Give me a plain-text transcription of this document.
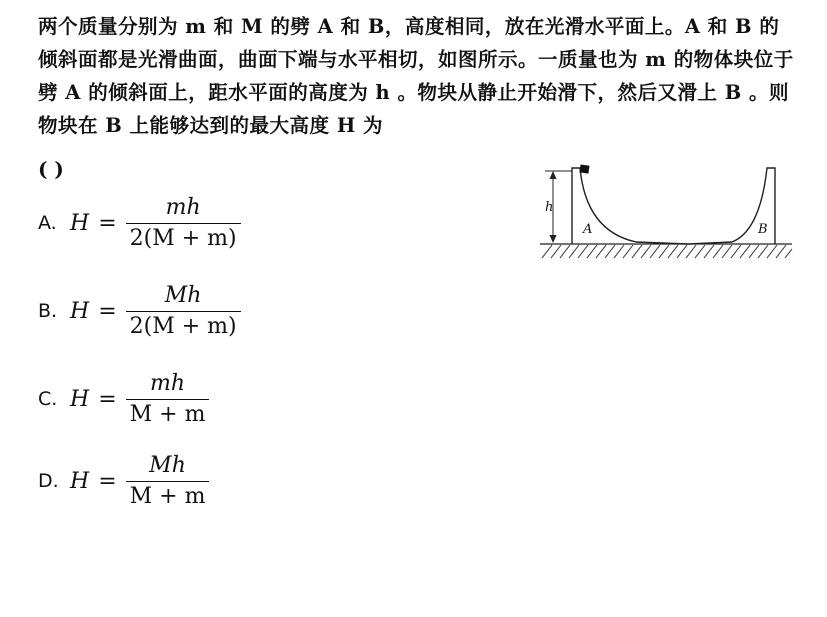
两个质量分别为 m 和 M 的劈 A 和 B，高度相同，放在光滑水平面上。A 和 B 的倾斜面都是光滑曲面，曲面下端与水平相切，如图所示。一质量也为 m 的物体块位于劈 A 的倾斜面上，距水平面的高度为 h 。物块从静止开始滑下，然后又滑上 B 。则物块在 B 上能够达到的最大高度 H 为
( )
h
A	B
A. $H = \frac{mh}{2(M + m)}$
B. $H = \frac{Mh}{2(M + m)}$
C. $H = \frac{mh}{M + m}$
D. $H = \frac{Mh}{M + m}$
